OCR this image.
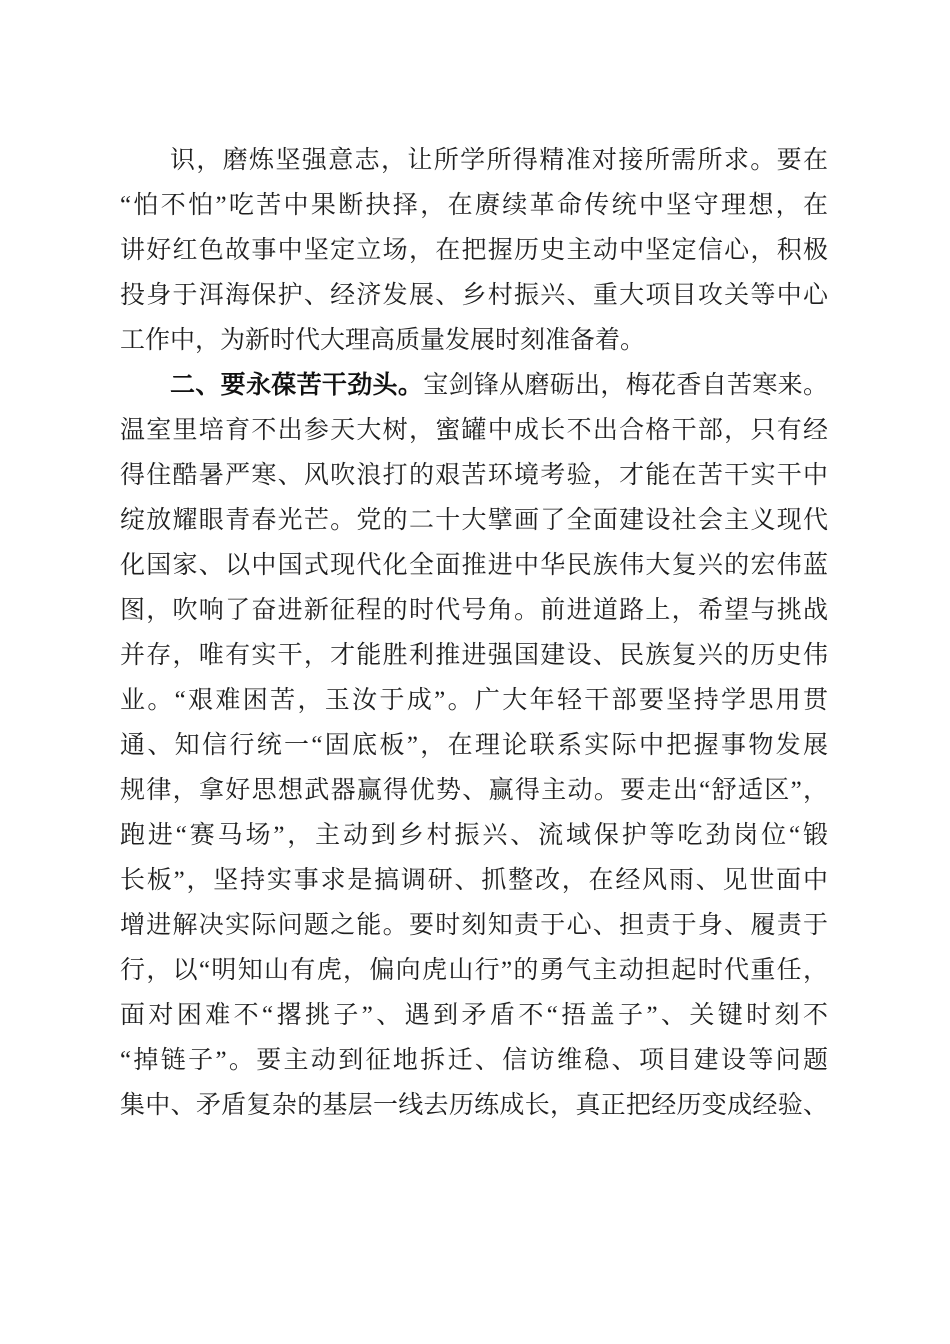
识，磨炼坚强意志，让所学所得精准对接所需所求。要在
“怕不怕”吃苦中果断抉择，在赓续革命传统中坚守理想，在
讲好红色故事中坚定立场，在把握历史主动中坚定信心，积极
投身于洱海保护、经济发展、乡村振兴、重大项目攻关等中心
工作中，为新时代大理高质量发展时刻准备着。
二、要永葆苦干劲头。宝剑锋从磨砺出，梅花香自苦寒来。
温室里培育不出参天大树，蜜罐中成长不出合格干部，只有经
得住酷暑严寒、风吹浪打的艰苦环境考验，才能在苦干实干中
绽放耀眼青春光芒。党的二十大擘画了全面建设社会主义现代
化国家、以中国式现代化全面推进中华民族伟大复兴的宏伟蓝
图，吹响了奋进新征程的时代号角。前进道路上，希望与挑战
并存，唯有实干，才能胜利推进强国建设、民族复兴的历史伟
业。“艰难困苦，玉汝于成”。广大年轻干部要坚持学思用贯
通、知信行统一“固底板”，在理论联系实际中把握事物发展
规律，拿好思想武器赢得优势、赢得主动。要走出“舒适区”，
跑进“赛马场”，主动到乡村振兴、流域保护等吃劲岗位“锻
长板”，坚持实事求是搞调研、抓整改，在经风雨、见世面中
增进解决实际问题之能。要时刻知责于心、担责于身、履责于
行，以“明知山有虎，偏向虎山行”的勇气主动担起时代重任，
面对困难不“撂挑子”、遇到矛盾不“捂盖子”、关键时刻不
“掉链子”。要主动到征地拆迁、信访维稳、项目建设等问题
集中、矛盾复杂的基层一线去历练成长，真正把经历变成经验、
